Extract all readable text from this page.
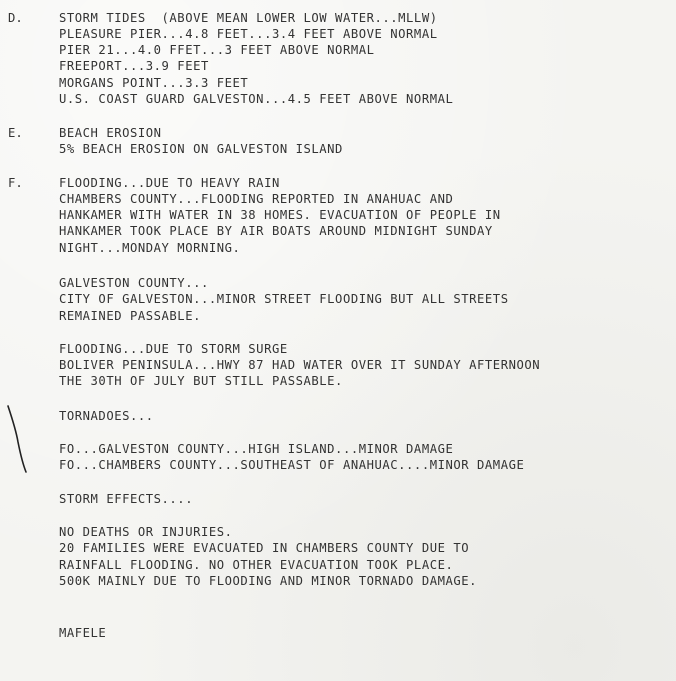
D.	STORM TIDES  (ABOVE MEAN LOWER LOW WATER...MLLW)
PLEASURE PIER...4.8 FEET...3.4 FEET ABOVE NORMAL
PIER 21...4.0 FFET...3 FEET ABOVE NORMAL
FREEPORT...3.9 FEET
MORGANS POINT...3.3 FEET
U.S. COAST GUARD GALVESTON...4.5 FEET ABOVE NORMAL
E.	BEACH EROSION
5% BEACH EROSION ON GALVESTON ISLAND
F.	FLOODING...DUE TO HEAVY RAIN
CHAMBERS COUNTY...FLOODING REPORTED IN ANAHUAC AND
HANKAMER WITH WATER IN 38 HOMES. EVACUATION OF PEOPLE IN
HANKAMER TOOK PLACE BY AIR BOATS AROUND MIDNIGHT SUNDAY
NIGHT...MONDAY MORNING.
GALVESTON COUNTY...
CITY OF GALVESTON...MINOR STREET FLOODING BUT ALL STREETS
REMAINED PASSABLE.
FLOODING...DUE TO STORM SURGE
BOLIVER PENINSULA...HWY 87 HAD WATER OVER IT SUNDAY AFTERNOON
THE 30TH OF JULY BUT STILL PASSABLE.
TORNADOES...
FO...GALVESTON COUNTY...HIGH ISLAND...MINOR DAMAGE
FO...CHAMBERS COUNTY...SOUTHEAST OF ANAHUAC....MINOR DAMAGE
STORM EFFECTS....
NO DEATHS OR INJURIES.
20 FAMILIES WERE EVACUATED IN CHAMBERS COUNTY DUE TO
RAINFALL FLOODING. NO OTHER EVACUATION TOOK PLACE.
500K MAINLY DUE TO FLOODING AND MINOR TORNADO DAMAGE.
MAFELE
